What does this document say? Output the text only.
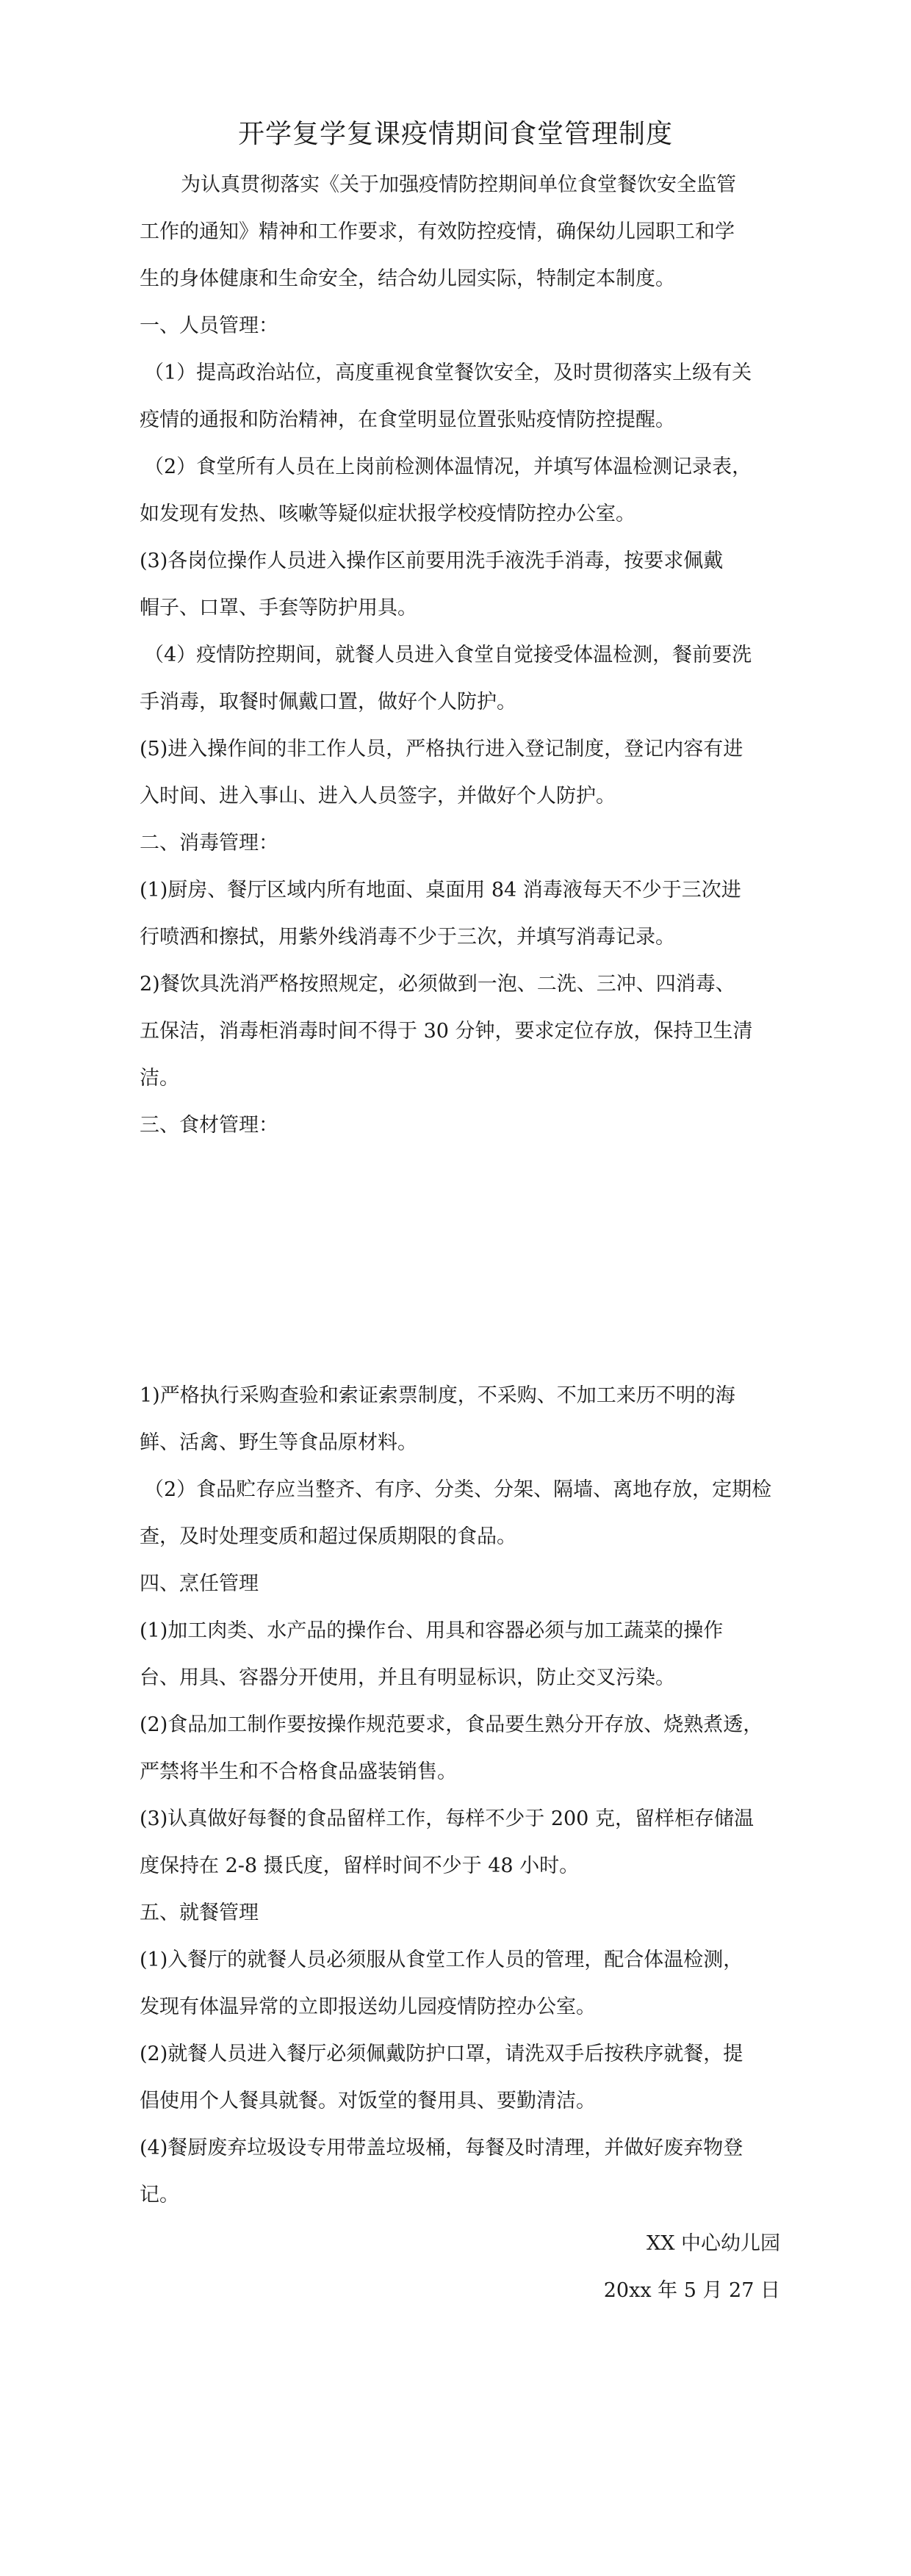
开学复学复课疫情期间食堂管理制度
为认真贯彻落实《关于加强疫情防控期间单位食堂餐饮安全监管
工作的通知》精神和工作要求，有效防控疫情，确保幼儿园职工和学
生的身体健康和生命安全，结合幼儿园实际，特制定本制度。
一、人员管理：
（1）提高政治站位，高度重视食堂餐饮安全，及时贯彻落实上级有关
疫情的通报和防治精神，在食堂明显位置张贴疫情防控提醒。
（2）食堂所有人员在上岗前检测体温情况，并填写体温检测记录表，
如发现有发热、咳嗽等疑似症状报学校疫情防控办公室。
(3)各岗位操作人员进入操作区前要用洗手液洗手消毒，按要求佩戴
帽子、口罩、手套等防护用具。
（4）疫情防控期间，就餐人员进入食堂自觉接受体温检测，餐前要洗
手消毒，取餐时佩戴口置，做好个人防护。
(5)进入操作间的非工作人员，严格执行进入登记制度，登记内容有进
入时间、进入事山、进入人员签字，并做好个人防护。
二、消毒管理：
(1)厨房、餐厅区域内所有地面、桌面用 84 消毒液每天不少于三次进
行喷洒和擦拭，用紫外线消毒不少于三次，并填写消毒记录。
2)餐饮具洗消严格按照规定，必须做到一泡、二洗、三冲、四消毒、
五保洁，消毒柜消毒时间不得于 30 分钟，要求定位存放，保持卫生清
洁。
三、食材管理：
1)严格执行采购查验和索证索票制度，不采购、不加工来历不明的海
鲜、活禽、野生等食品原材料。
（2）食品贮存应当整齐、有序、分类、分架、隔墙、离地存放，定期检
查，及时处理变质和超过保质期限的食品。
四、烹任管理
(1)加工肉类、水产品的操作台、用具和容器必须与加工蔬菜的操作
台、用具、容器分开使用，并且有明显标识，防止交叉污染。
(2)食品加工制作要按操作规范要求，食品要生熟分开存放、烧熟煮透，
严禁将半生和不合格食品盛装销售。
(3)认真做好每餐的食品留样工作，每样不少于 200 克，留样柜存储温
度保持在 2-8 摄氏度，留样时间不少于 48 小时。
五、就餐管理
(1)入餐厅的就餐人员必须服从食堂工作人员的管理，配合体温检测，
发现有体温异常的立即报送幼儿园疫情防控办公室。
(2)就餐人员进入餐厅必须佩戴防护口罩，请洗双手后按秩序就餐，提
倡使用个人餐具就餐。对饭堂的餐用具、要勤清洁。
(4)餐厨废弃垃圾设专用带盖垃圾桶，每餐及时清理，并做好废弃物登
记。
XX 中心幼儿园
20xx 年 5 月 27 日
